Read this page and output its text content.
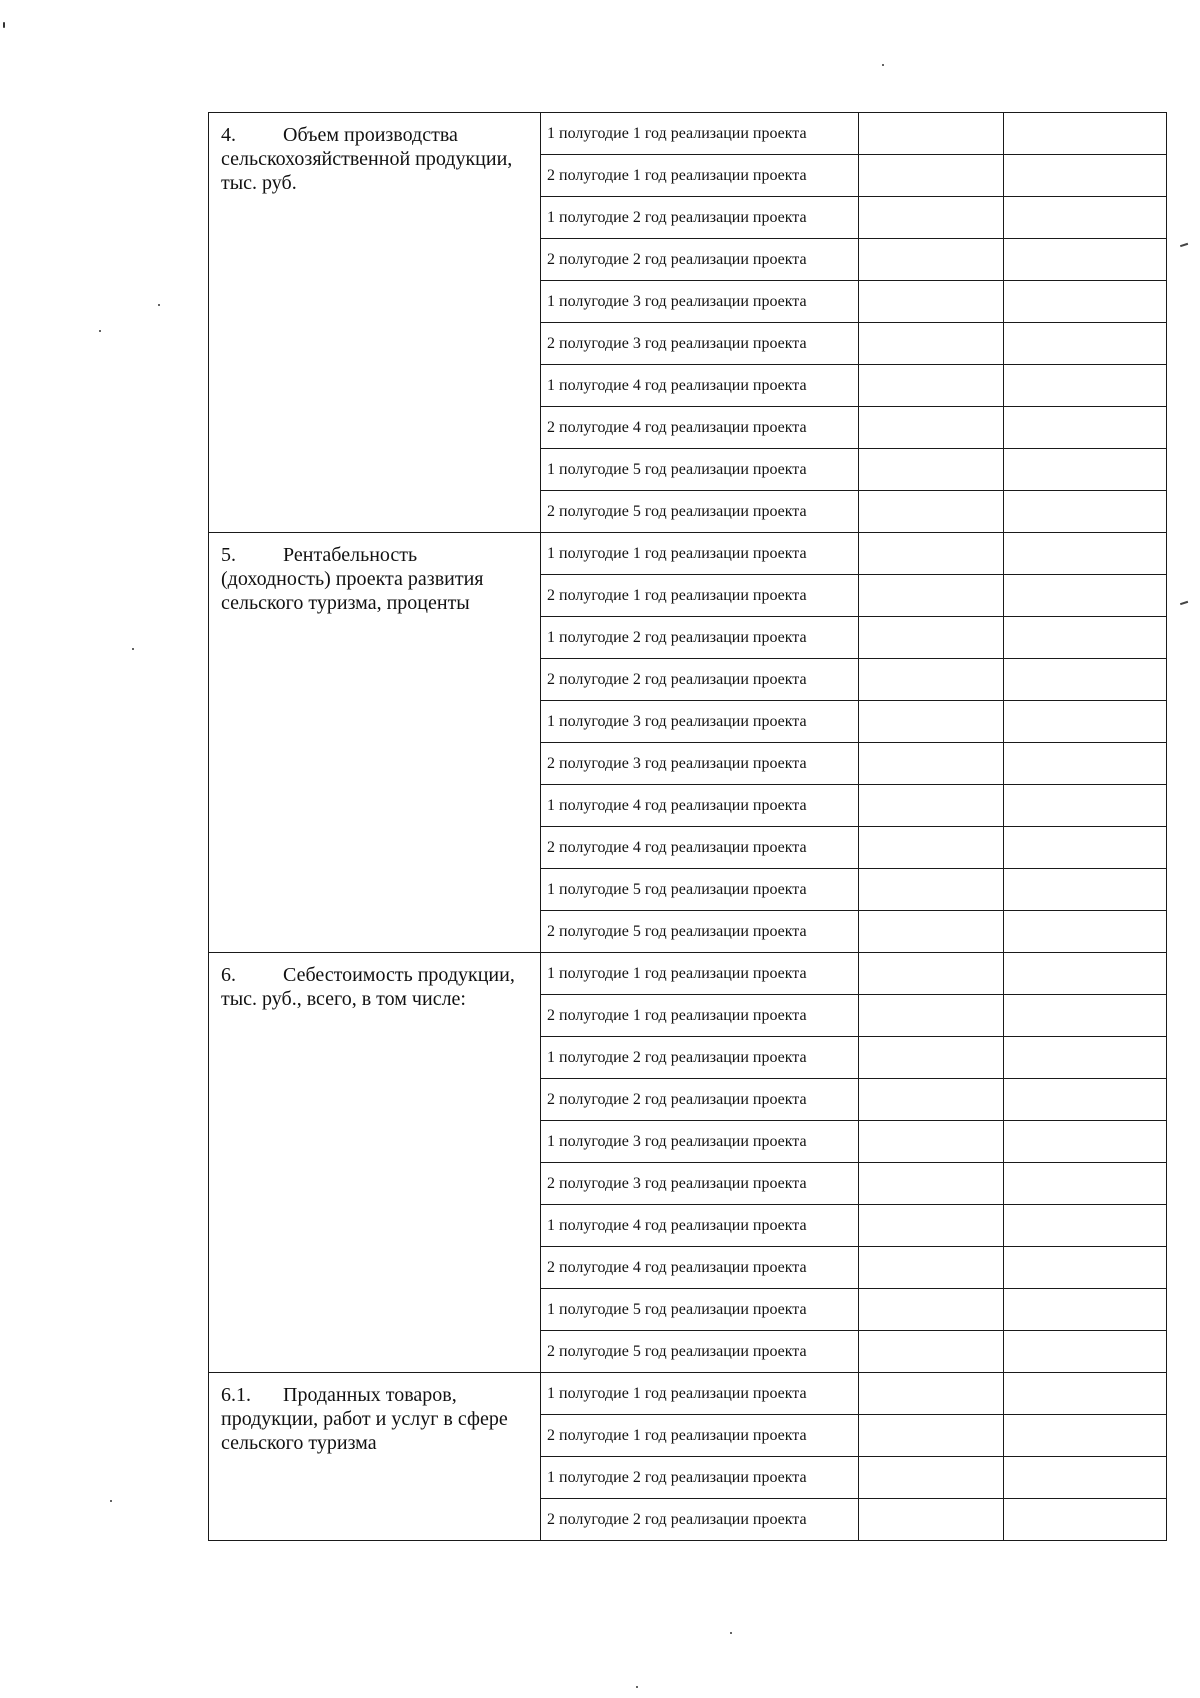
4. Объем производства сельскохозяйственной продукции, тыс. руб.	1 полугодие 1 год реализации проекта		
	2 полугодие 1 год реализации проекта		
	1 полугодие 2 год реализации проекта		
	2 полугодие 2 год реализации проекта		
	1 полугодие 3 год реализации проекта		
	2 полугодие 3 год реализации проекта		
	1 полугодие 4 год реализации проекта		
	2 полугодие 4 год реализации проекта		
	1 полугодие 5 год реализации проекта		
	2 полугодие 5 год реализации проекта		
5. Рентабельность (доходность) проекта развития сельского туризма, проценты	1 полугодие 1 год реализации проекта		
	2 полугодие 1 год реализации проекта		
	1 полугодие 2 год реализации проекта		
	2 полугодие 2 год реализации проекта		
	1 полугодие 3 год реализации проекта		
	2 полугодие 3 год реализации проекта		
	1 полугодие 4 год реализации проекта		
	2 полугодие 4 год реализации проекта		
	1 полугодие 5 год реализации проекта		
	2 полугодие 5 год реализации проекта		
6. Себестоимость продукции, тыс. руб., всего, в том числе:	1 полугодие 1 год реализации проекта		
	2 полугодие 1 год реализации проекта		
	1 полугодие 2 год реализации проекта		
	2 полугодие 2 год реализации проекта		
	1 полугодие 3 год реализации проекта		
	2 полугодие 3 год реализации проекта		
	1 полугодие 4 год реализации проекта		
	2 полугодие 4 год реализации проекта		
	1 полугодие 5 год реализации проекта		
	2 полугодие 5 год реализации проекта		
6.1. Проданных товаров, продукции, работ и услуг в сфере сельского туризма	1 полугодие 1 год реализации проекта		
	2 полугодие 1 год реализации проекта		
	1 полугодие 2 год реализации проекта		
	2 полугодие 2 год реализации проекта		
